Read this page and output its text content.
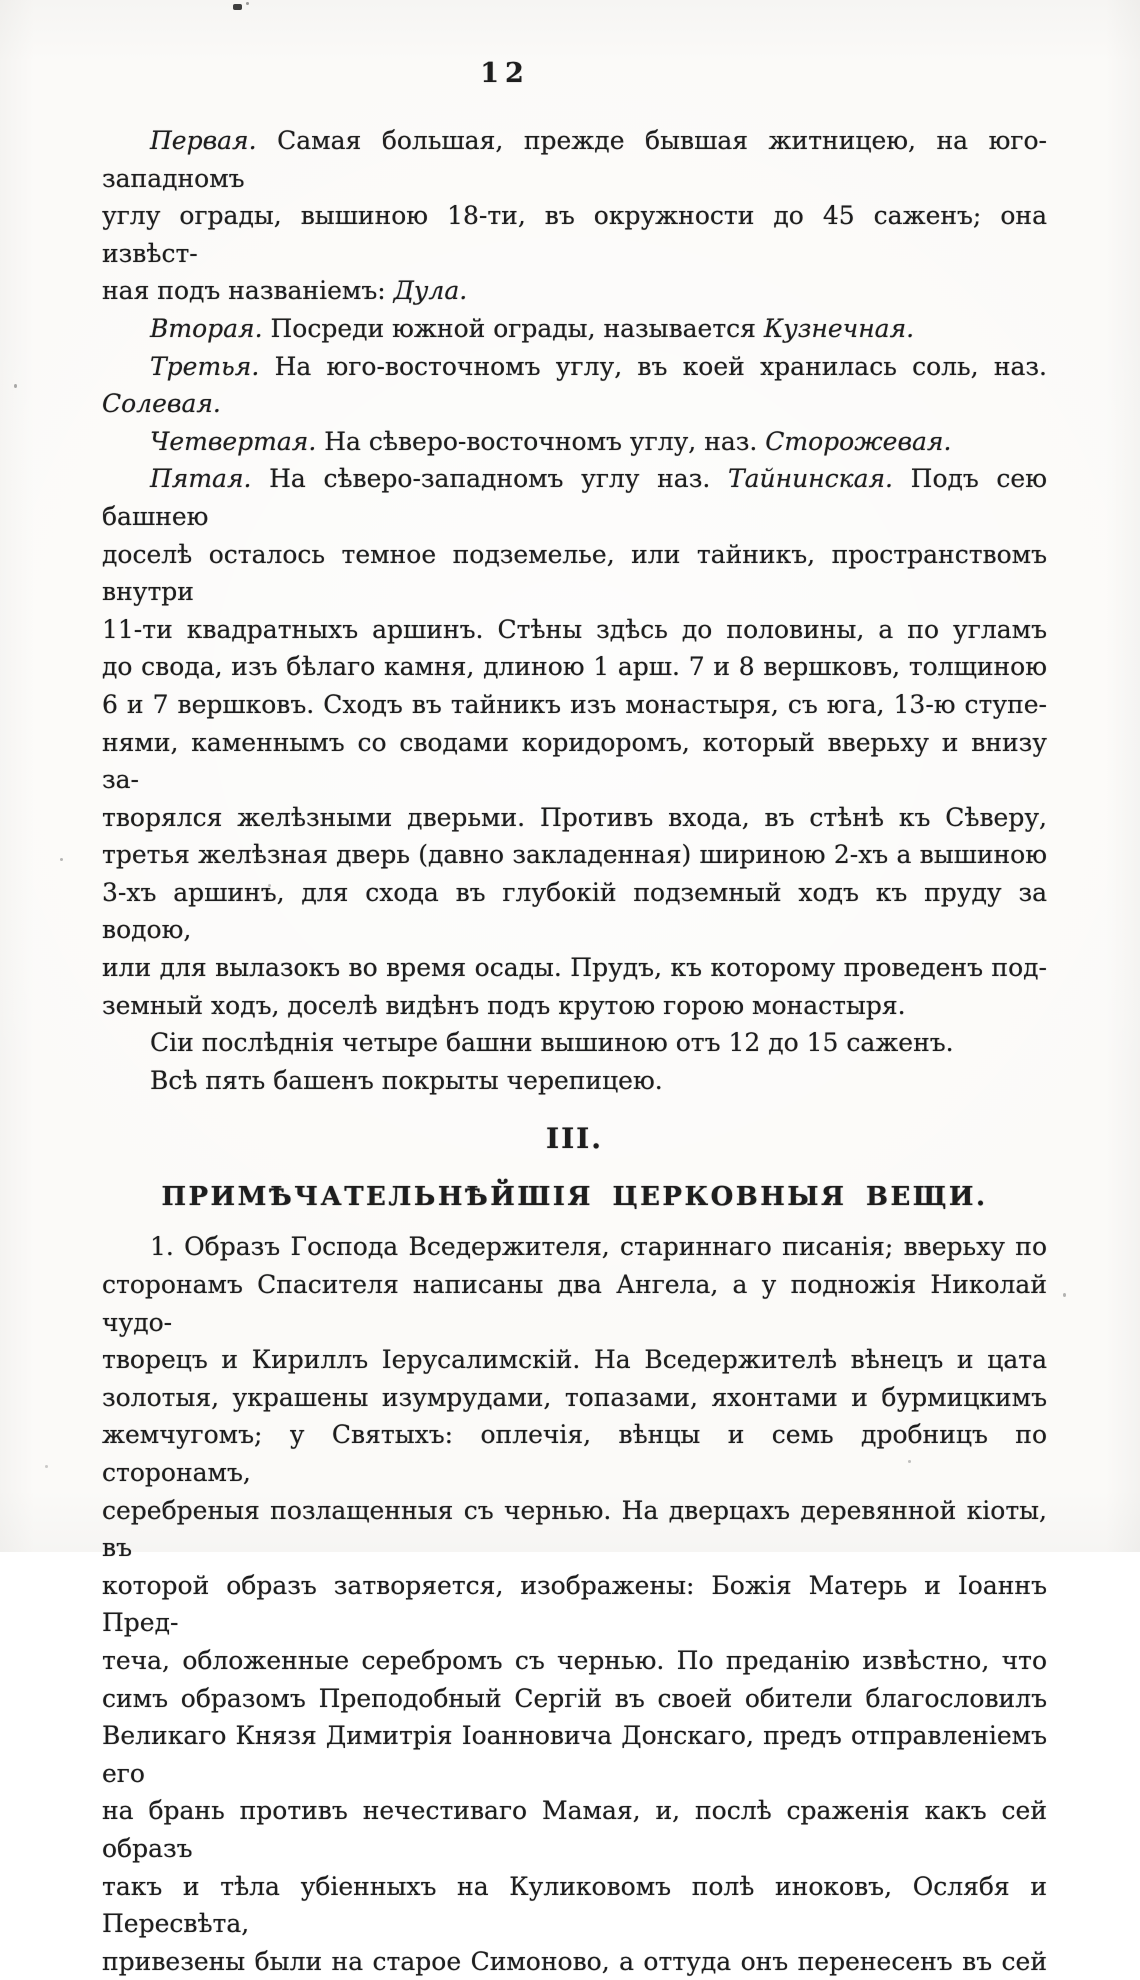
12
Первая. Самая большая, прежде бывшая житницею, на юго-западномъ
углу ограды, вышиною 18-ти, въ окружности до 45 саженъ; она извѣст-
ная подъ названіемъ: Дула.
Вторая. Посреди южной ограды, называется Кузнечная.
Третья. На юго-восточномъ углу, въ коей хранилась соль, наз. Солевая.
Четвертая. На сѣверо-восточномъ углу, наз. Сторожевая.
Пятая. На сѣверо-западномъ углу наз. Тайнинская. Подъ сею башнею
доселѣ осталось темное подземелье, или тайникъ, пространствомъ внутри
11-ти квадратныхъ аршинъ. Стѣны здѣсь до половины, а по угламъ
до свода, изъ бѣлаго камня, длиною 1 арш. 7 и 8 вершковъ, толщиною
6 и 7 вершковъ. Сходъ въ тайникъ изъ монастыря, съ юга, 13-ю ступе-
нями, каменнымъ со сводами коридоромъ, который вверьху и внизу за-
творялся желѣзными дверьми. Противъ входа, въ стѣнѣ къ Сѣверу,
третья желѣзная дверь (давно закладенная) шириною 2-хъ а вышиною
3-хъ аршинъ, для схода въ глубокій подземный ходъ къ пруду за водою,
или для вылазокъ во время осады. Прудъ, къ которому проведенъ под-
земный ходъ, доселѣ видѣнъ подъ крутою горою монастыря.
Сіи послѣднія четыре башни вышиною отъ 12 до 15 саженъ.
Всѣ пять башенъ покрыты черепицею.
III.
ПРИМѢЧАТЕЛЬНѢЙШІЯ ЦЕРКОВНЫЯ ВЕЩИ.
1. Образъ Господа Вседержителя, стариннаго писанія; вверьху по
сторонамъ Спасителя написаны два Ангела, а у подножія Николай чудо-
творецъ и Кириллъ Іерусалимскій. На Вседержителѣ вѣнецъ и цата
золотыя, украшены изумрудами, топазами, яхонтами и бурмицкимъ
жемчугомъ; у Святыхъ: оплечія, вѣнцы и семь дробницъ по сторонамъ,
серебреныя позлащенныя съ чернью. На дверцахъ деревянной кіоты, въ
которой образъ затворяется, изображены: Божія Матерь и Іоаннъ Пред-
теча, обложенные серебромъ съ чернью. По преданію извѣстно, что
симъ образомъ Преподобный Сергій въ своей обители благословилъ
Великаго Князя Димитрія Іоанновича Донскаго, предъ отправленіемъ его
на брань противъ нечестиваго Мамая, и, послѣ сраженія какъ сей образъ
такъ и тѣла убіенныхъ на Куликовомъ полѣ иноковъ, Ослябя и Пересвѣта,
привезены были на старое Симоново, а оттуда онъ перенесенъ въ сей
